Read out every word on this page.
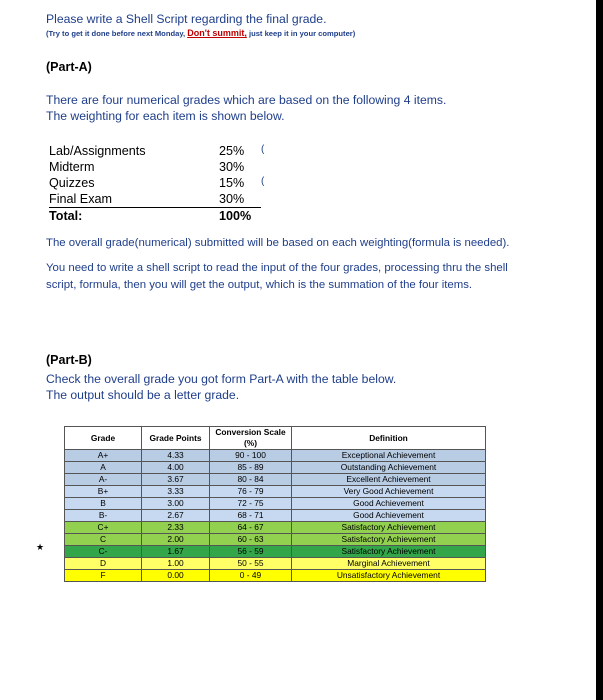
Please write a Shell Script regarding the final grade.
(Try to get it done before next Monday, Don't summit, just keep it in your computer)
(Part-A)
There are four numerical grades which are based on the following 4 items.
The weighting for each item is shown below.
Lab/Assignments	25% (
Midterm	30%
Quizzes	15% (
Final Exam	30%
Total:	100%
The overall grade(numerical) submitted will be based on each weighting(formula is needed).
You need to write a shell script to read the input of the four grades, processing thru the shell
script, formula, then you will get the output, which is the summation of the four items.
(Part-B)
Check the overall grade you got form Part-A with the table below.
The output should be a letter grade.
★
Grade	Grade Points	Conversion Scale (%)	Definition
A+	4.33	90 - 100	Exceptional Achievement
A	4.00	85 - 89	Outstanding Achievement
A-	3.67	80 - 84	Excellent Achievement
B+	3.33	76 - 79	Very Good Achievement
B	3.00	72 - 75	Good Achievement
B-	2.67	68 - 71	Good Achievement
C+	2.33	64 - 67	Satisfactory Achievement
C	2.00	60 - 63	Satisfactory Achievement
C-	1.67	56 - 59	Satisfactory Achievement
D	1.00	50 - 55	Marginal Achievement
F	0.00	0 - 49	Unsatisfactory Achievement
